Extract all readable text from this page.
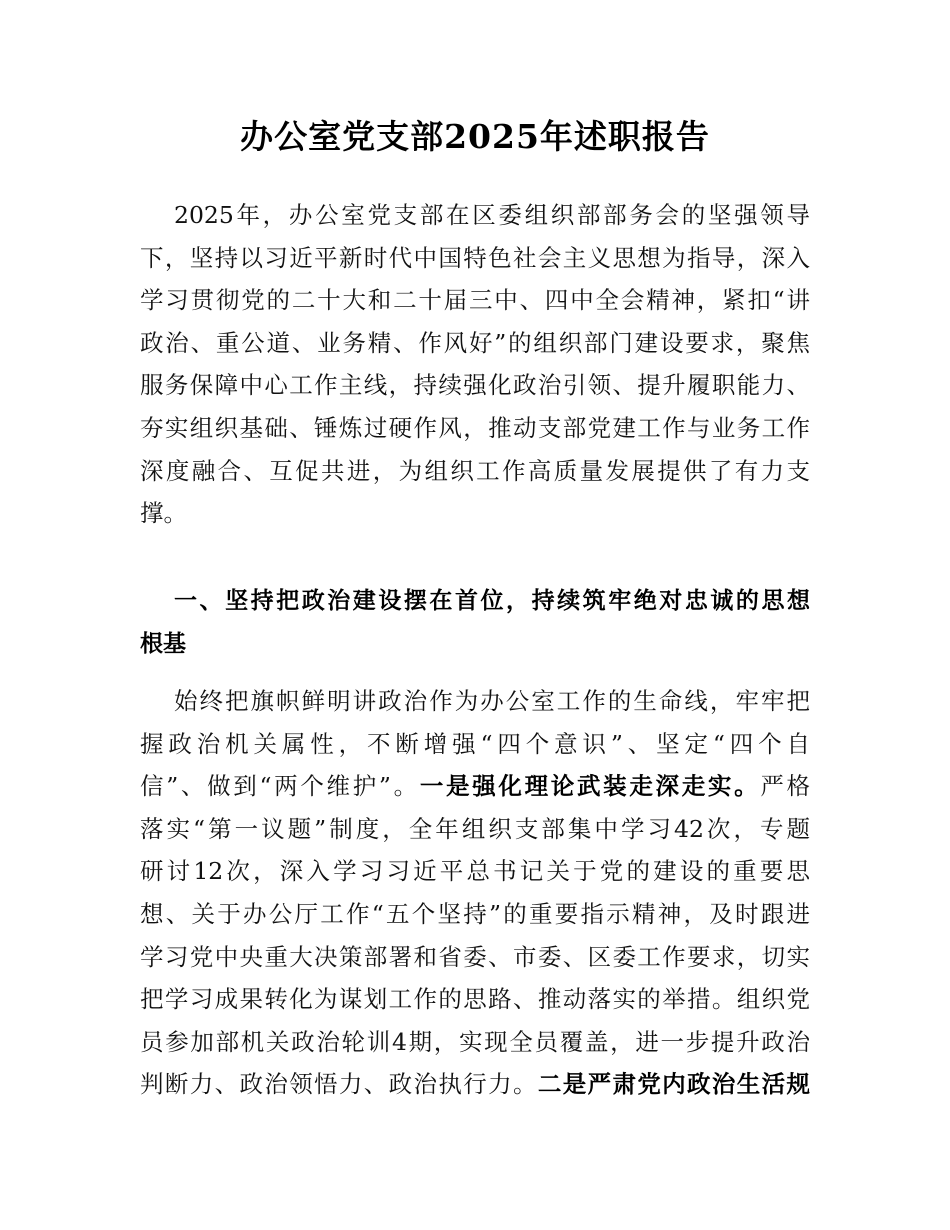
办公室党支部2025年述职报告
2025年，办公室党支部在区委组织部部务会的坚强领导
下，坚持以习近平新时代中国特色社会主义思想为指导，深入
学习贯彻党的二十大和二十届三中、四中全会精神，紧扣“讲
政治、重公道、业务精、作风好”的组织部门建设要求，聚焦
服务保障中心工作主线，持续强化政治引领、提升履职能力、
夯实组织基础、锤炼过硬作风，推动支部党建工作与业务工作
深度融合、互促共进，为组织工作高质量发展提供了有力支
撑。
一、坚持把政治建设摆在首位，持续筑牢绝对忠诚的思想
根基
始终把旗帜鲜明讲政治作为办公室工作的生命线，牢牢把
握政治机关属性，不断增强“四个意识”、坚定“四个自
信”、做到“两个维护”。一是强化理论武装走深走实。严格
落实“第一议题”制度，全年组织支部集中学习42次，专题
研讨12次，深入学习习近平总书记关于党的建设的重要思
想、关于办公厅工作“五个坚持”的重要指示精神，及时跟进
学习党中央重大决策部署和省委、市委、区委工作要求，切实
把学习成果转化为谋划工作的思路、推动落实的举措。组织党
员参加部机关政治轮训4期，实现全员覆盖，进一步提升政治
判断力、政治领悟力、政治执行力。二是严肃党内政治生活规
